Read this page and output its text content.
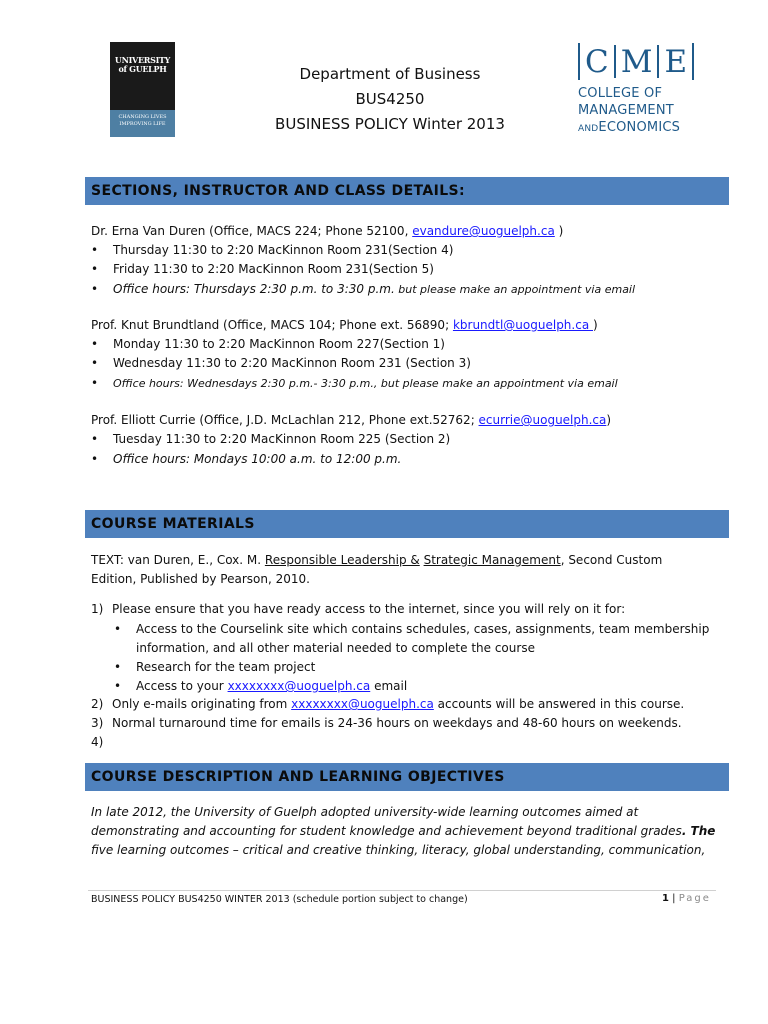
UNIVERSITY of GUELPH
CHANGING LIVES IMPROVING LIFE
C M E
COLLEGE OF
MANAGEMENT
ANDECONOMICS
Department of Business
BUS4250
BUSINESS POLICY Winter 2013
SECTIONS, INSTRUCTOR AND CLASS DETAILS:
Dr. Erna Van Duren (Office, MACS 224; Phone 52100, evandure@uoguelph.ca )
• Thursday 11:30 to 2:20 MacKinnon Room 231(Section 4)
• Friday 11:30 to 2:20 MacKinnon Room 231(Section 5)
• Office hours: Thursdays 2:30 p.m. to 3:30 p.m. but please make an appointment via email
Prof. Knut Brundtland (Office, MACS 104; Phone ext. 56890; kbrundtl@uoguelph.ca )
• Monday 11:30 to 2:20 MacKinnon Room 227(Section 1)
• Wednesday 11:30 to 2:20 MacKinnon Room 231 (Section 3)
• Office hours: Wednesdays 2:30 p.m.- 3:30 p.m., but please make an appointment via email
Prof. Elliott Currie (Office, J.D. McLachlan 212, Phone ext.52762; ecurrie@uoguelph.ca)
• Tuesday 11:30 to 2:20 MacKinnon Room 225 (Section 2)
• Office hours: Mondays 10:00 a.m. to 12:00 p.m.
COURSE MATERIALS
TEXT: van Duren, E., Cox. M. Responsible Leadership & Strategic Management, Second Custom
Edition, Published by Pearson, 2010.
1) Please ensure that you have ready access to the internet, since you will rely on it for:
• Access to the Courselink site which contains schedules, cases, assignments, team membership
information, and all other material needed to complete the course
• Research for the team project
• Access to your xxxxxxxx@uoguelph.ca email
2) Only e-mails originating from xxxxxxxx@uoguelph.ca accounts will be answered in this course.
3) Normal turnaround time for emails is 24-36 hours on weekdays and 48-60 hours on weekends.
4)
COURSE DESCRIPTION AND LEARNING OBJECTIVES
In late 2012, the University of Guelph adopted university-wide learning outcomes aimed at
demonstrating and accounting for student knowledge and achievement beyond traditional grades. The
five learning outcomes – critical and creative thinking, literacy, global understanding, communication,
BUSINESS POLICY BUS4250 WINTER 2013 (schedule portion subject to change)	1 | Page
